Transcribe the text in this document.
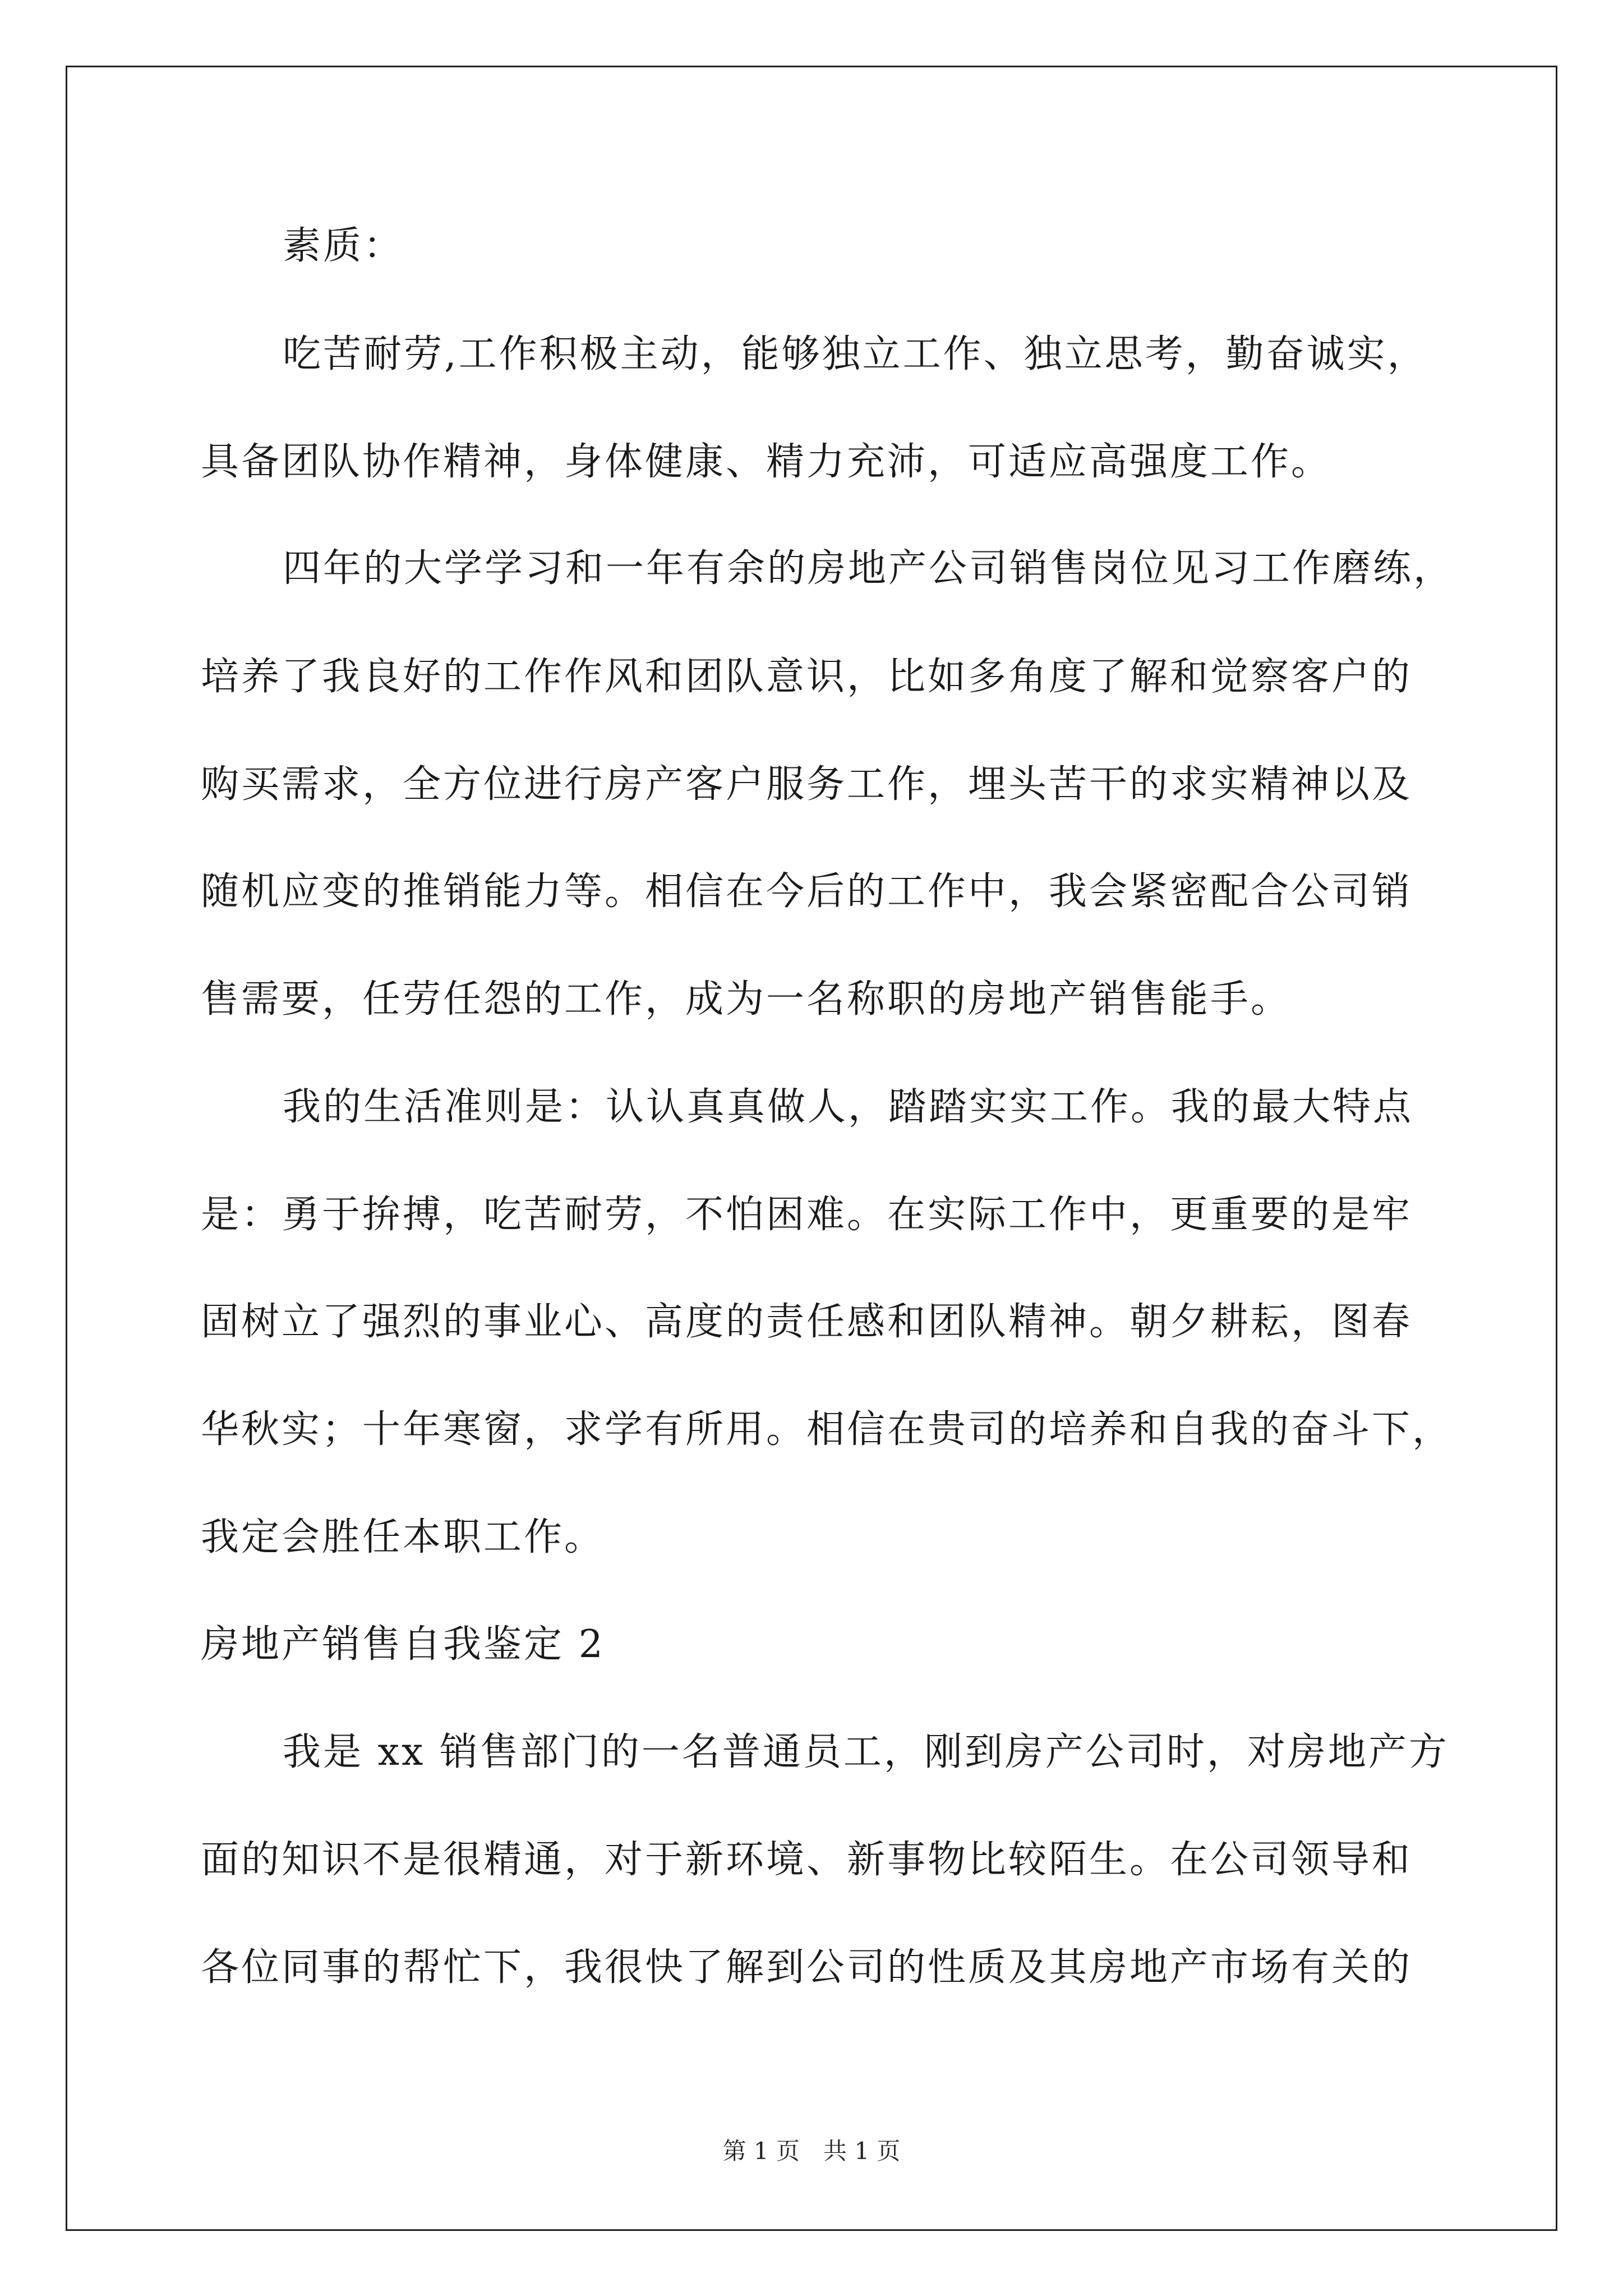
素质：
吃苦耐劳,工作积极主动，能够独立工作、独立思考，勤奋诚实，
具备团队协作精神，身体健康、精力充沛，可适应高强度工作。
四年的大学学习和一年有余的房地产公司销售岗位见习工作磨练，
培养了我良好的工作作风和团队意识，比如多角度了解和觉察客户的
购买需求，全方位进行房产客户服务工作，埋头苦干的求实精神以及
随机应变的推销能力等。相信在今后的工作中，我会紧密配合公司销
售需要，任劳任怨的工作，成为一名称职的房地产销售能手。
我的生活准则是：认认真真做人，踏踏实实工作。我的最大特点
是：勇于拚搏，吃苦耐劳，不怕困难。在实际工作中，更重要的是牢
固树立了强烈的事业心、高度的责任感和团队精神。朝夕耕耘，图春
华秋实；十年寒窗，求学有所用。相信在贵司的培养和自我的奋斗下，
我定会胜任本职工作。
房地产销售自我鉴定 2
我是 xx 销售部门的一名普通员工，刚到房产公司时，对房地产方
面的知识不是很精通，对于新环境、新事物比较陌生。在公司领导和
各位同事的帮忙下，我很快了解到公司的性质及其房地产市场有关的
第 1 页　共 1 页
